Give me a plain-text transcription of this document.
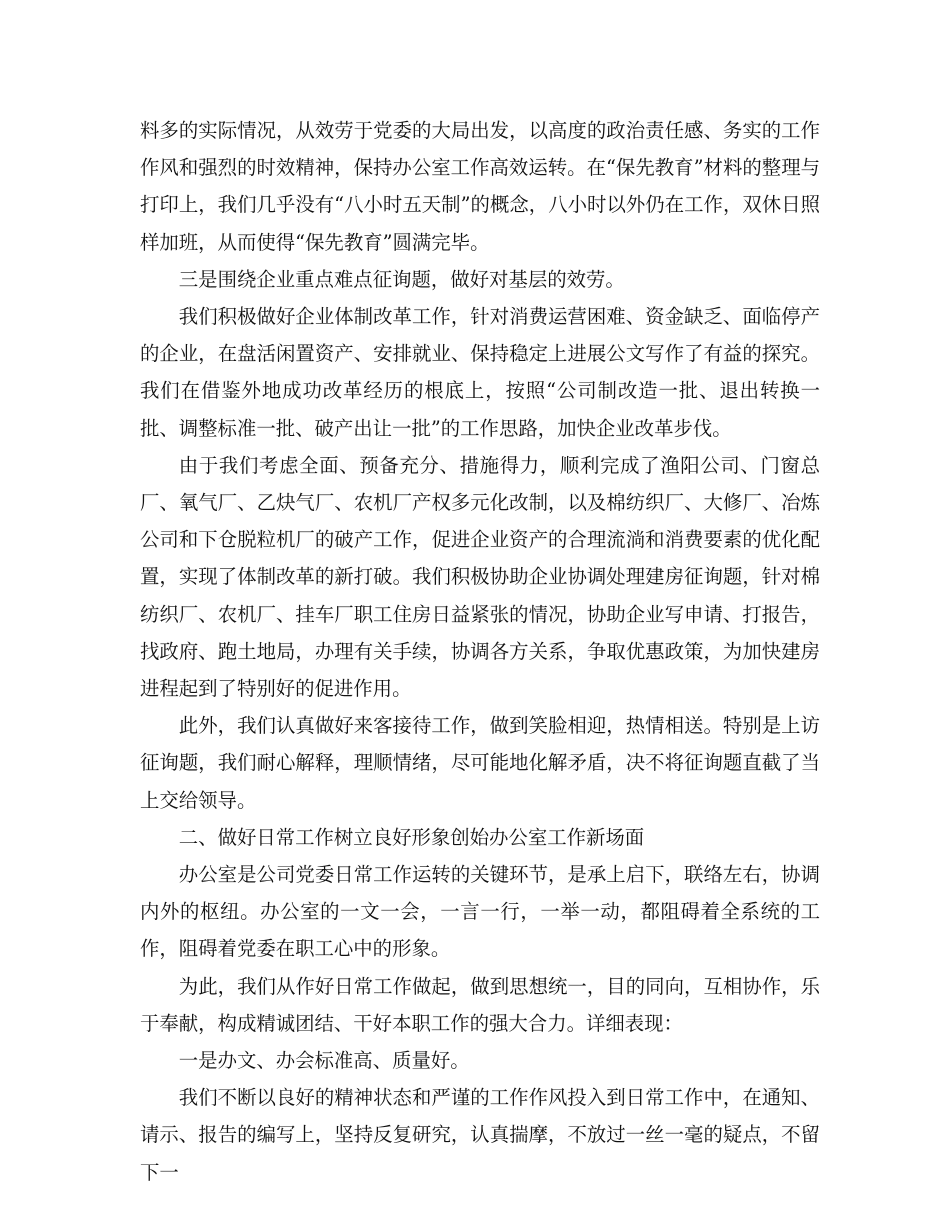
料多的实际情况，从效劳于党委的大局出发，以高度的政治责任感、务实的工作作风和强烈的时效精神，保持办公室工作高效运转。在“保先教育”材料的整理与打印上，我们几乎没有“八小时五天制”的概念，八小时以外仍在工作，双休日照样加班，从而使得“保先教育”圆满完毕。

三是围绕企业重点难点征询题，做好对基层的效劳。

我们积极做好企业体制改革工作，针对消费运营困难、资金缺乏、面临停产的企业，在盘活闲置资产、安排就业、保持稳定上进展公文写作了有益的探究。我们在借鉴外地成功改革经历的根底上，按照“公司制改造一批、退出转换一批、调整标准一批、破产出让一批”的工作思路，加快企业改革步伐。

由于我们考虑全面、预备充分、措施得力，顺利完成了渔阳公司、门窗总厂、氧气厂、乙炔气厂、农机厂产权多元化改制，以及棉纺织厂、大修厂、冶炼公司和下仓脱粒机厂的破产工作，促进企业资产的合理流淌和消费要素的优化配置，实现了体制改革的新打破。我们积极协助企业协调处理建房征询题，针对棉纺织厂、农机厂、挂车厂职工住房日益紧张的情况，协助企业写申请、打报告，找政府、跑土地局，办理有关手续，协调各方关系，争取优惠政策，为加快建房进程起到了特别好的促进作用。

此外，我们认真做好来客接待工作，做到笑脸相迎，热情相送。特别是上访征询题，我们耐心解释，理顺情绪，尽可能地化解矛盾，决不将征询题直截了当上交给领导。

二、做好日常工作树立良好形象创始办公室工作新场面

办公室是公司党委日常工作运转的关键环节，是承上启下，联络左右，协调内外的枢纽。办公室的一文一会，一言一行，一举一动，都阻碍着全系统的工作，阻碍着党委在职工心中的形象。

为此，我们从作好日常工作做起，做到思想统一，目的同向，互相协作，乐于奉献，构成精诚团结、干好本职工作的强大合力。详细表现：

一是办文、办会标准高、质量好。

我们不断以良好的精神状态和严谨的工作作风投入到日常工作中，在通知、请示、报告的编写上，坚持反复研究，认真揣摩，不放过一丝一毫的疑点，不留下一
